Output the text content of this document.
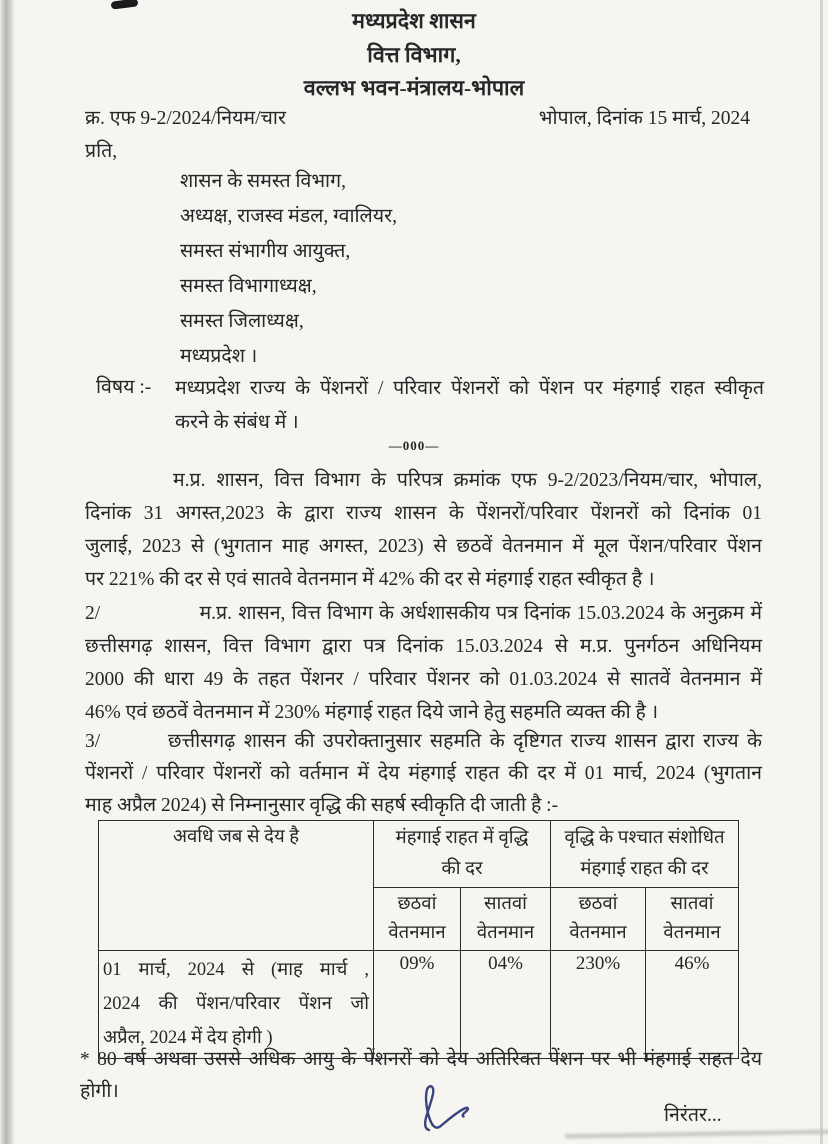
मध्यप्रदेश शासन
वित्त विभाग,
वल्लभ भवन-मंत्रालय-भोपाल
क्र. एफ 9-2/2024/नियम/चार	भोपाल, दिनांक 15 मार्च, 2024
प्रति,
शासन के समस्त विभाग,
अध्यक्ष, राजस्व मंडल, ग्वालियर,
समस्त संभागीय आयुक्त,
समस्त विभागाध्यक्ष,
समस्त जिलाध्यक्ष,
मध्यप्रदेश ।
विषय :-	मध्यप्रदेश राज्य के पेंशनरों / परिवार पेंशनरों को पेंशन पर मंहगाई राहत स्वीकृत
करने के संबंध में ।
—000—
म.प्र. शासन, वित्त विभाग के परिपत्र क्रमांक एफ 9-2/2023/नियम/चार, भोपाल,
दिनांक 31 अगस्त,2023 के द्वारा राज्य शासन के पेंशनरों/परिवार पेंशनरों को दिनांक 01
जुलाई, 2023 से (भुगतान माह अगस्त, 2023) से छठवें वेतनमान में मूल पेंशन/परिवार पेंशन
पर 221% की दर से एवं सातवे वेतनमान में 42% की दर से मंहगाई राहत स्वीकृत है ।
2/                म.प्र. शासन, वित्त विभाग के अर्धशासकीय पत्र दिनांक 15.03.2024 के अनुक्रम में
छत्तीसगढ़ शासन, वित्त विभाग द्वारा पत्र दिनांक 15.03.2024 से म.प्र. पुनर्गठन अधिनियम
2000 की धारा 49 के तहत पेंशनर / परिवार पेंशनर को 01.03.2024 से सातवें वेतनमान में
46% एवं छठवें वेतनमान में 230% मंहगाई राहत दिये जाने हेतु सहमति व्यक्त की है ।
3/        छत्तीसगढ़ शासन की उपरोक्तानुसार सहमति के दृष्टिगत राज्य शासन द्वारा राज्य के
पेंशनरों / परिवार पेंशनरों को वर्तमान में देय मंहगाई राहत की दर में 01 मार्च, 2024 (भुगतान
माह अप्रैल 2024) से निम्नानुसार वृद्धि की सहर्ष स्वीकृति दी जाती है :-
अवधि जब से देय है	मंहगाई राहत में वृद्धि
की दर

वृद्धि के पश्चात संशोधित
मंहगाई राहत की दर

	छठवां वेतनमान	सातवां वेतनमान	छठवां वेतनमान	सातवां वेतनमान

01 मार्च, 2024 से (माह मार्च ,
2024 की पेंशन/परिवार पेंशन जो
अप्रैल, 2024 में देय होगी )	09%	04%	230%	46%
* 80 वर्ष अथवा उससे अधिक आयु के पेंशनरों को देय अतिरिक्त पेंशन पर भी मंहगाई राहत देय
होगी।
निरंतर...
